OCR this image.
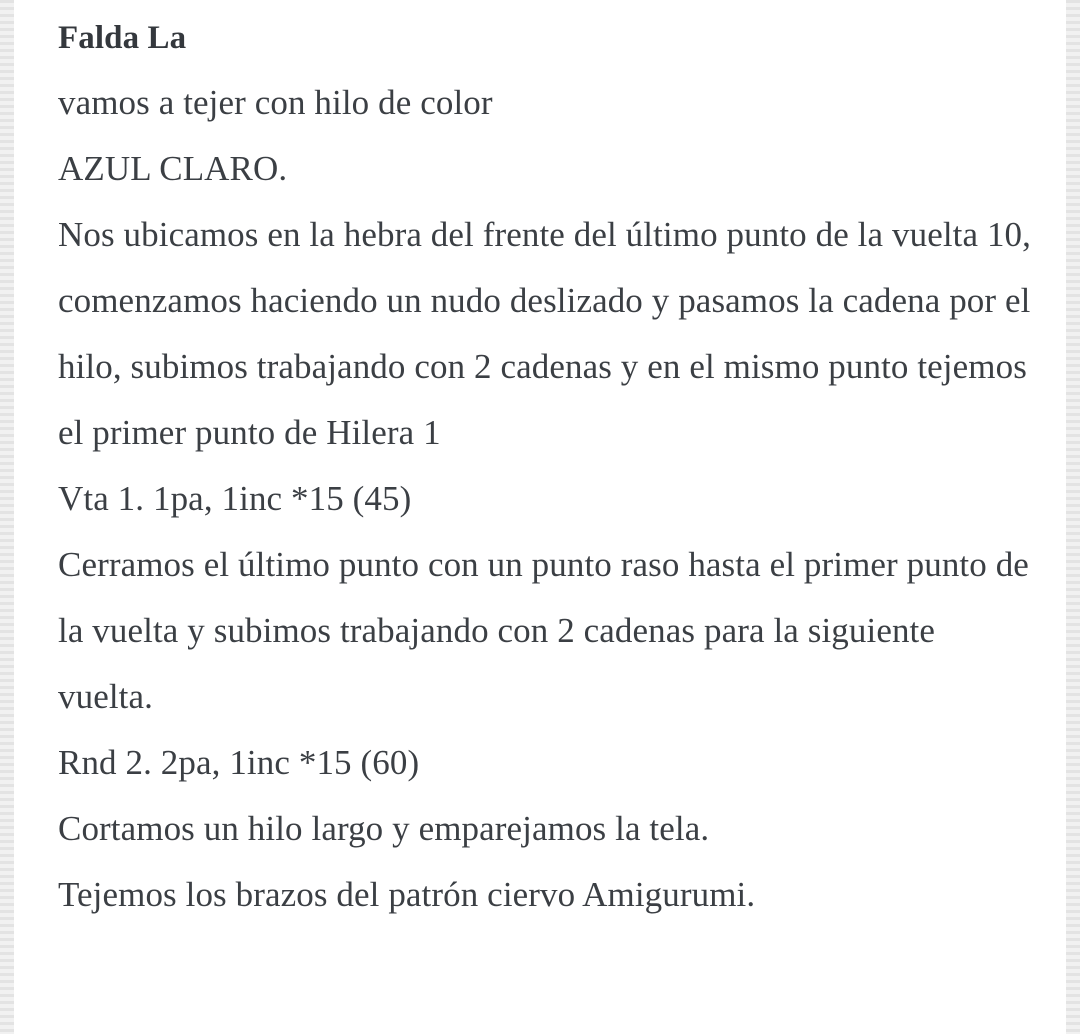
Falda La

vamos a tejer con hilo de color
AZUL CLARO.

Nos ubicamos en la hebra del frente del último punto de la vuelta 10, comenzamos haciendo un nudo deslizado y pasamos la cadena por el hilo, subimos trabajando con 2 cadenas y en el mismo punto tejemos el primer punto de Hilera 1

Vta 1. 1pa, 1inc *15 (45)

Cerramos el último punto con un punto raso hasta el primer punto de la vuelta y subimos trabajando con 2 cadenas para la siguiente vuelta.

Rnd 2. 2pa, 1inc *15 (60)

Cortamos un hilo largo y emparejamos la tela.

Tejemos los brazos del patrón ciervo Amigurumi.
